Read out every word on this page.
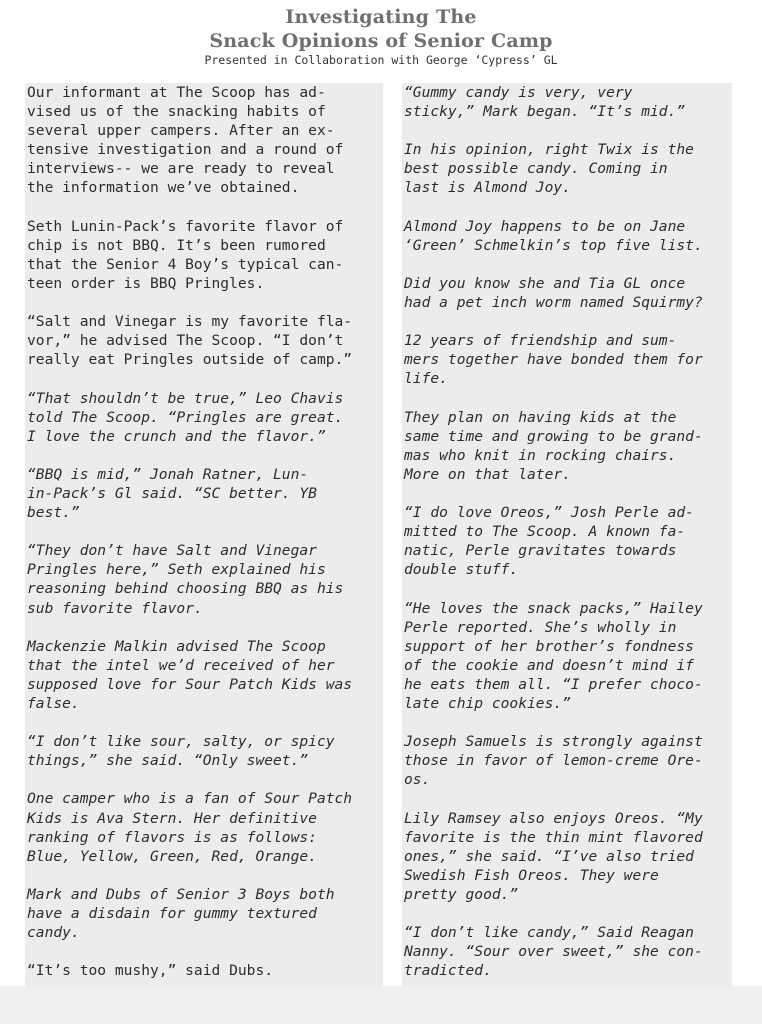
Investigating The
Snack Opinions of Senior Camp
Presented in Collaboration with George ‘Cypress’ GL

Our informant at The Scoop has ad-
vised us of the snacking habits of
several upper campers. After an ex-
tensive investigation and a round of
interviews-- we are ready to reveal
the information we’ve obtained.

Seth Lunin-Pack’s favorite flavor of
chip is not BBQ. It’s been rumored
that the Senior 4 Boy’s typical can-
teen order is BBQ Pringles.

“Salt and Vinegar is my favorite fla-
vor,” he advised The Scoop. “I don’t
really eat Pringles outside of camp.”

“That shouldn’t be true,” Leo Chavis
told The Scoop. “Pringles are great.
I love the crunch and the flavor.”

“BBQ is mid,” Jonah Ratner, Lun-
in-Pack’s Gl said. “SC better. YB
best.”

“They don’t have Salt and Vinegar
Pringles here,” Seth explained his
reasoning behind choosing BBQ as his
sub favorite flavor.

Mackenzie Malkin advised The Scoop
that the intel we’d received of her
supposed love for Sour Patch Kids was
false.

“I don’t like sour, salty, or spicy
things,” she said. “Only sweet.”

One camper who is a fan of Sour Patch
Kids is Ava Stern. Her definitive
ranking of flavors is as follows:
Blue, Yellow, Green, Red, Orange.

Mark and Dubs of Senior 3 Boys both
have a disdain for gummy textured
candy.

“It’s too mushy,” said Dubs.

“Gummy candy is very, very
sticky,” Mark began. “It’s mid.”

In his opinion, right Twix is the
best possible candy. Coming in
last is Almond Joy.

Almond Joy happens to be on Jane
‘Green’ Schmelkin’s top five list.

Did you know she and Tia GL once
had a pet inch worm named Squirmy?

12 years of friendship and sum-
mers together have bonded them for
life.

They plan on having kids at the
same time and growing to be grand-
mas who knit in rocking chairs.
More on that later.

“I do love Oreos,” Josh Perle ad-
mitted to The Scoop. A known fa-
natic, Perle gravitates towards
double stuff.

“He loves the snack packs,” Hailey
Perle reported. She’s wholly in
support of her brother’s fondness
of the cookie and doesn’t mind if
he eats them all. “I prefer choco-
late chip cookies.”

Joseph Samuels is strongly against
those in favor of lemon-creme Ore-
os.

Lily Ramsey also enjoys Oreos. “My
favorite is the thin mint flavored
ones,” she said. “I’ve also tried
Swedish Fish Oreos. They were
pretty good.”

“I don’t like candy,” Said Reagan
Nanny. “Sour over sweet,” she con-
tradicted.
